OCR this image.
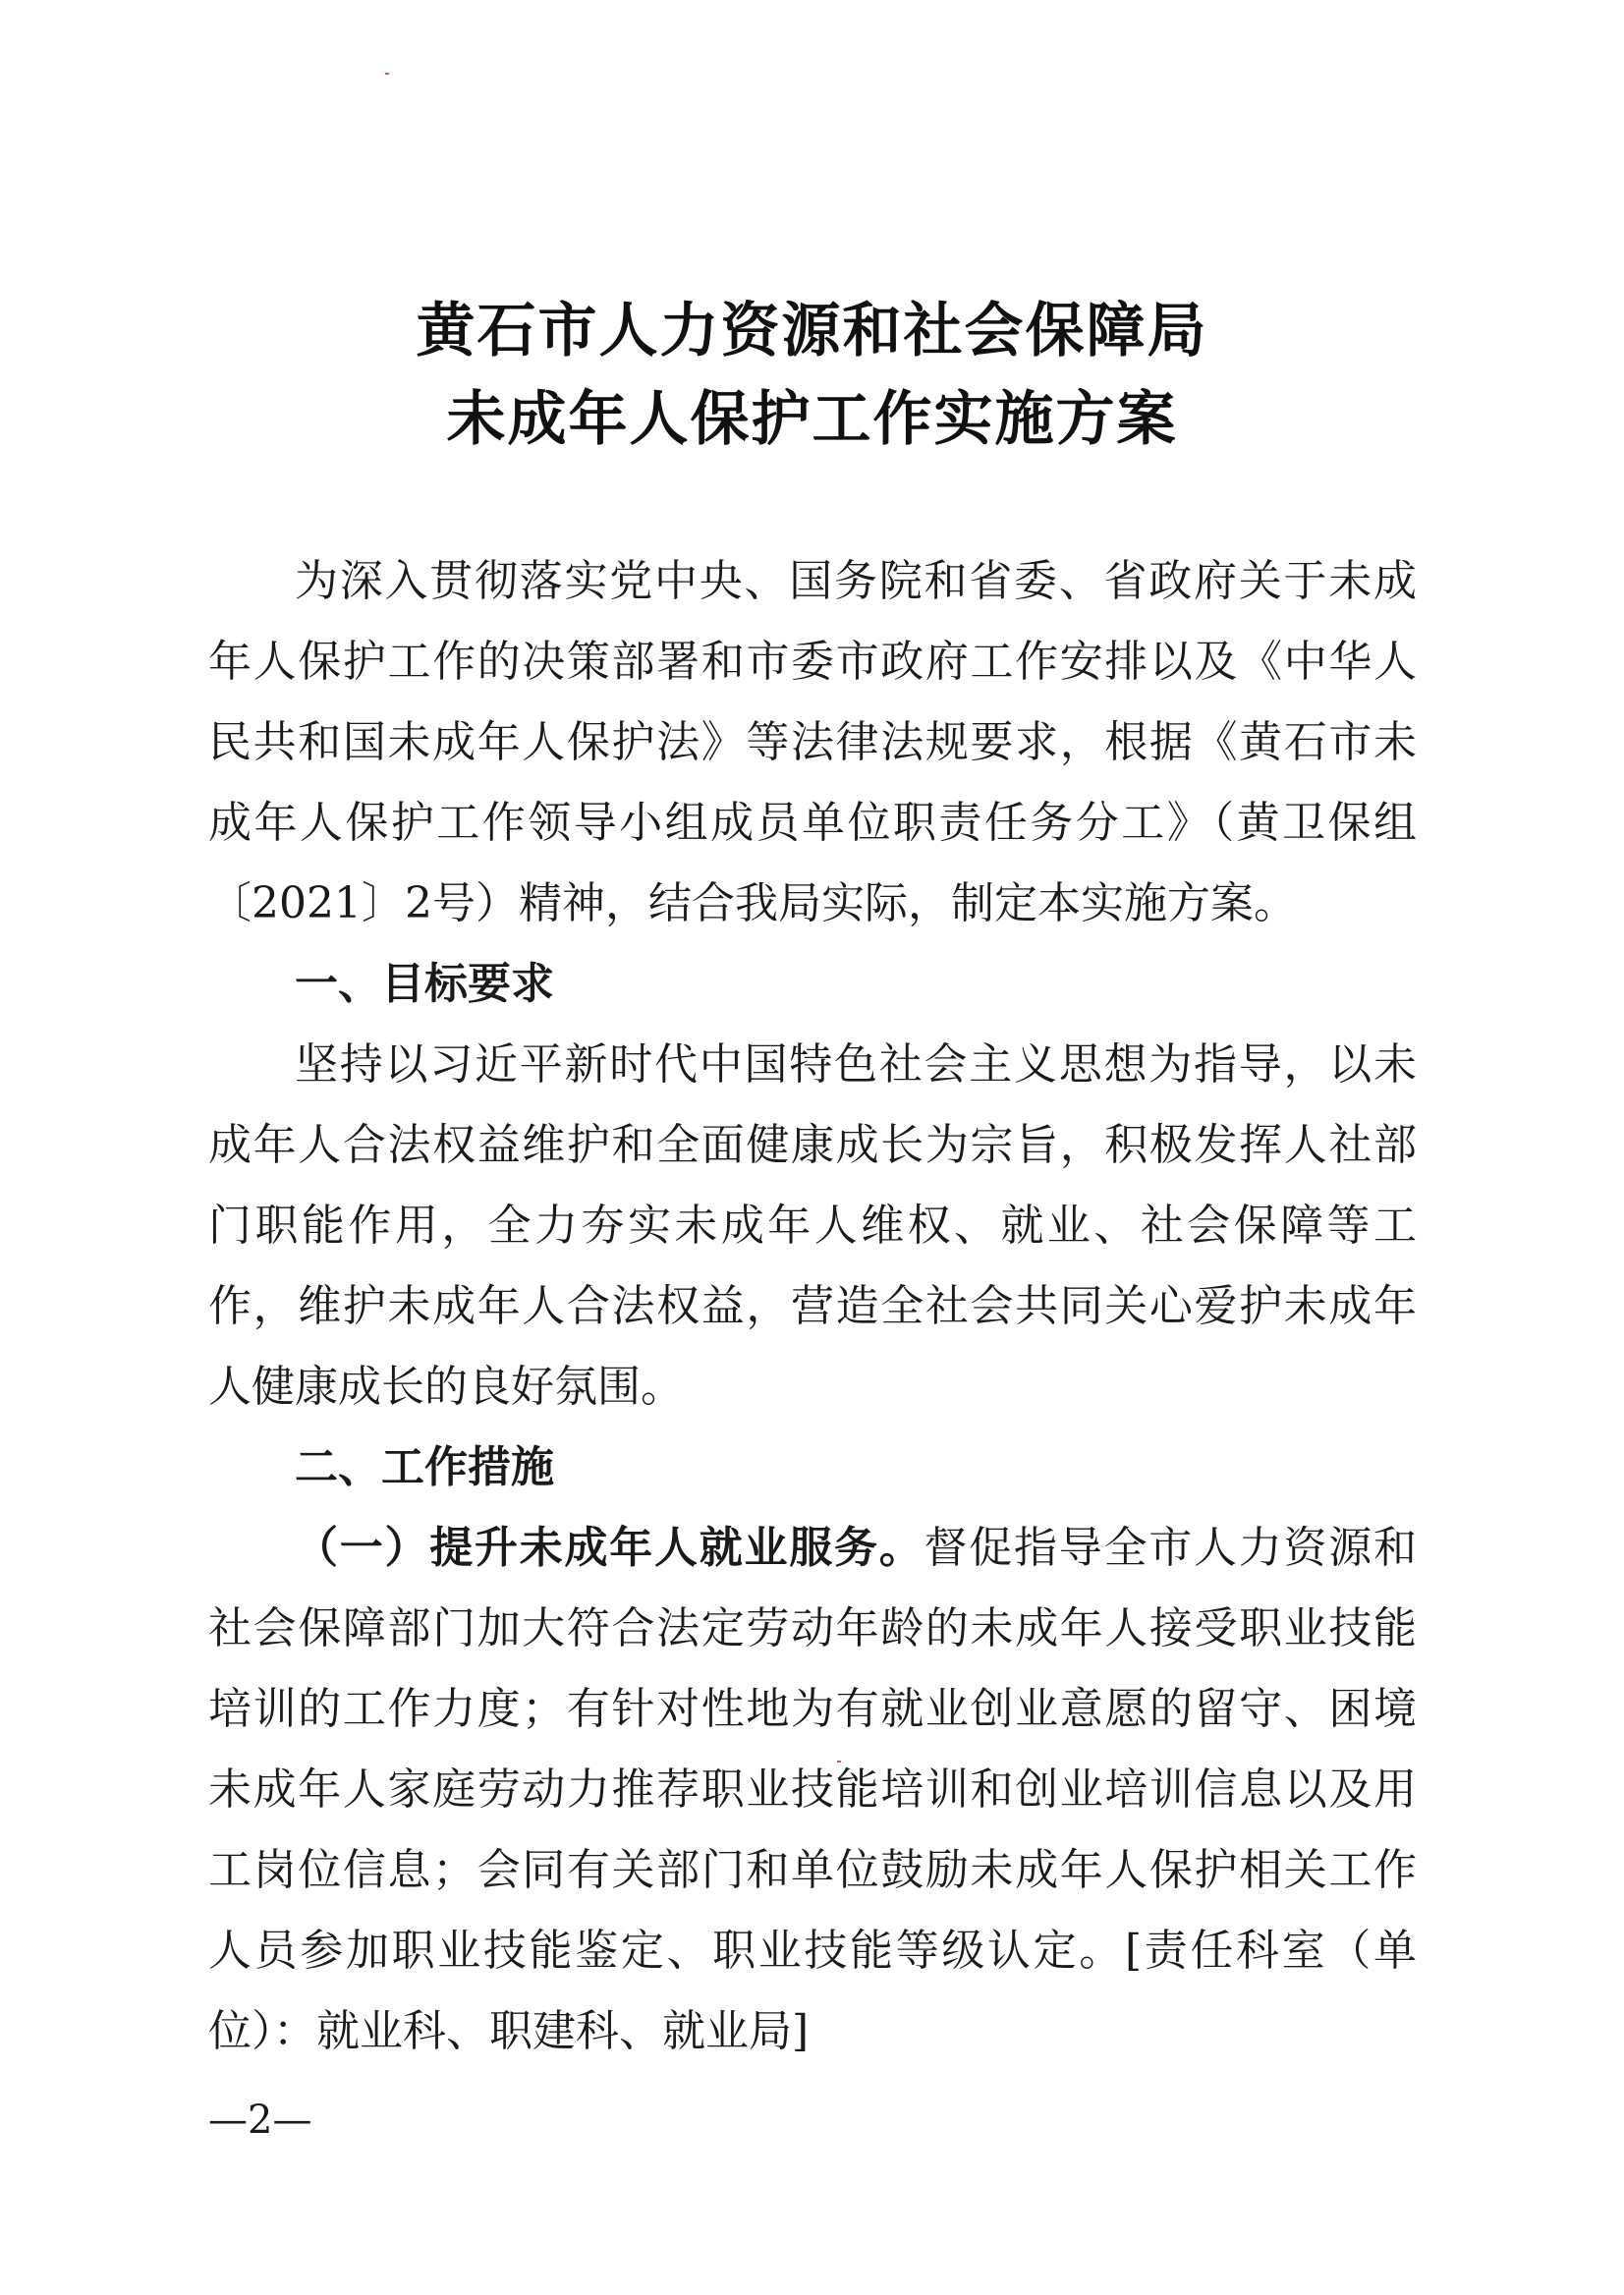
黄石市人力资源和社会保障局
未成年人保护工作实施方案

为深入贯彻落实党中央、国务院和省委、省政府关于未成年人保护工作的决策部署和市委市政府工作安排以及《中华人民共和国未成年人保护法》等法律法规要求，根据《黄石市未成年人保护工作领导小组成员单位职责任务分工》（黄卫保组〔2021〕2号）精神，结合我局实际，制定本实施方案。

一、目标要求

坚持以习近平新时代中国特色社会主义思想为指导，以未成年人合法权益维护和全面健康成长为宗旨，积极发挥人社部门职能作用，全力夯实未成年人维权、就业、社会保障等工作，维护未成年人合法权益，营造全社会共同关心爱护未成年人健康成长的良好氛围。

二、工作措施

（一）提升未成年人就业服务。督促指导全市人力资源和社会保障部门加大符合法定劳动年龄的未成年人接受职业技能培训的工作力度；有针对性地为有就业创业意愿的留守、困境未成年人家庭劳动力推荐职业技能培训和创业培训信息以及用工岗位信息；会同有关部门和单位鼓励未成年人保护相关工作人员参加职业技能鉴定、职业技能等级认定。[责任科室（单位）：就业科、职建科、就业局]

—2—
